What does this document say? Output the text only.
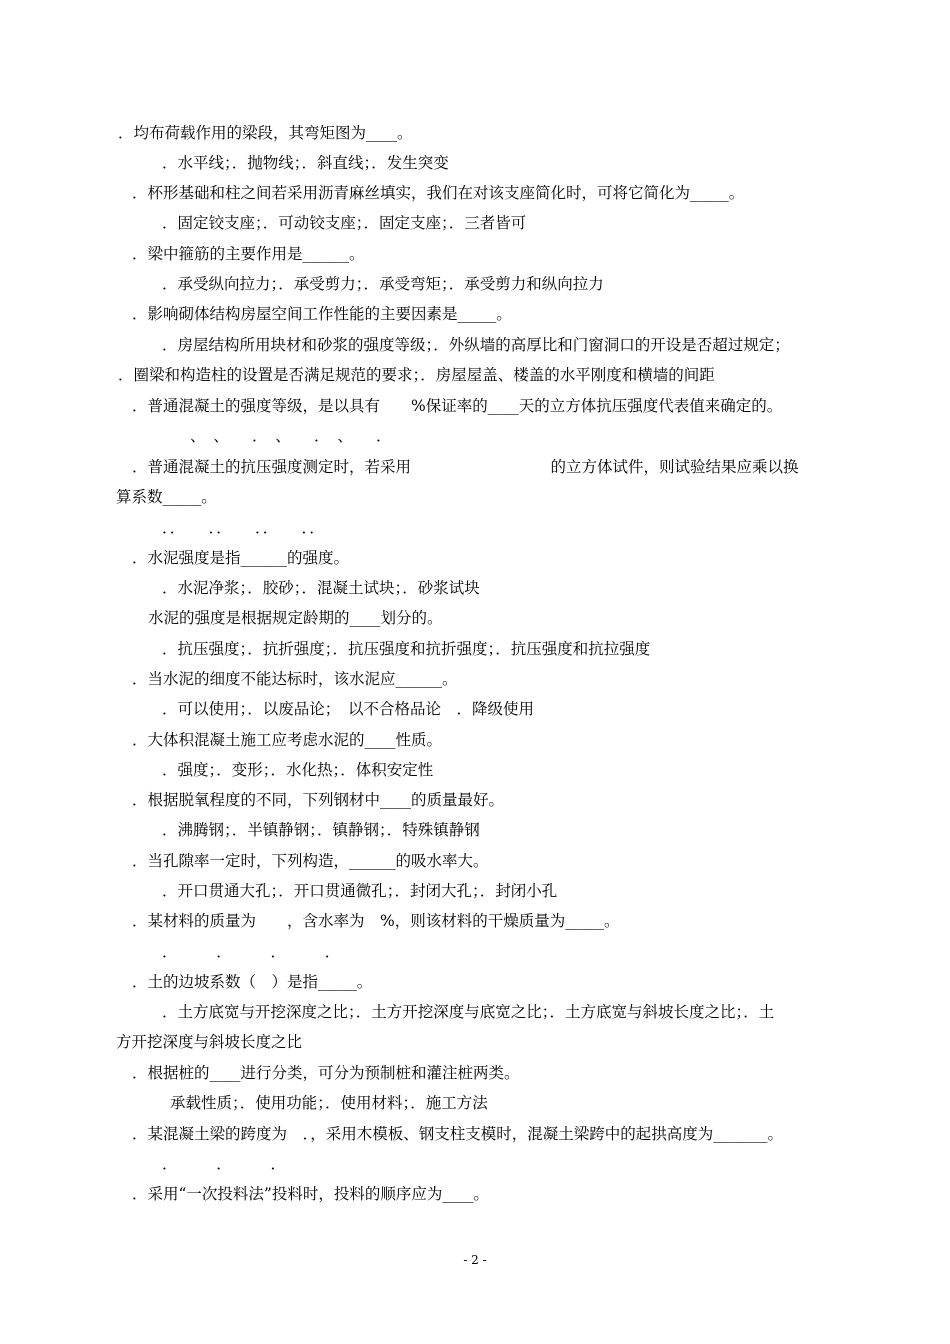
．均布荷载作用的梁段，其弯矩图为____。
．水平线；．抛物线；．斜直线；．发生突变
．杯形基础和柱之间若采用沥青麻丝填实，我们在对该支座简化时，可将它简化为_____。
．固定铰支座；．可动铰支座；．固定支座；．三者皆可
．梁中箍筋的主要作用是______。
．承受纵向拉力；．承受剪力；．承受弯矩；．承受剪力和纵向拉力
．影响砌体结构房屋空间工作性能的主要因素是_____。
．房屋结构所用块材和砂浆的强度等级；．外纵墙的高厚比和门窗洞口的开设是否超过规定；
．圈梁和构造柱的设置是否满足规范的要求；．房屋屋盖、楼盖的水平刚度和横墙的间距
．普通混凝土的强度等级，是以具有　　%保证率的____天的立方体抗压强度代表值来确定的。
、　、　　．　、　　．　、　　．
．普通混凝土的抗压强度测定时，若采用　　　　　　　　　的立方体试件，则试验结果应乘以换
算系数_____。
．．　　．．　　．．　　．．
．水泥强度是指______的强度。
．水泥净浆；．胶砂；．混凝土试块；．砂浆试块
水泥的强度是根据规定龄期的____划分的。
．抗压强度；．抗折强度；．抗压强度和抗折强度；．抗压强度和抗拉强度
．当水泥的细度不能达标时，该水泥应______。
．可以使用；．以废品论；　以不合格品论　．降级使用
．大体积混凝土施工应考虑水泥的____性质。
．强度；．变形；．水化热；．体积安定性
．根据脱氧程度的不同，下列钢材中____的质量最好。
．沸腾钢；．半镇静钢；．镇静钢；．特殊镇静钢
．当孔隙率一定时，下列构造，______的吸水率大。
．开口贯通大孔；．开口贯通微孔；．封闭大孔；．封闭小孔
．某材料的质量为　　，含水率为　%，则该材料的干燥质量为_____。
．　　　．　　　．　　　．
．土的边坡系数（　）是指_____。
．土方底宽与开挖深度之比；．土方开挖深度与底宽之比；．土方底宽与斜坡长度之比；．土
方开挖深度与斜坡长度之比
．根据桩的____进行分类，可分为预制桩和灌注桩两类。
承载性质；．使用功能；．使用材料；．施工方法
．某混凝土梁的跨度为　．，采用木模板、钢支柱支模时，混凝土梁跨中的起拱高度为_______。
．　　　．　　　．
．采用“一次投料法”投料时，投料的顺序应为____。
- 2 -
